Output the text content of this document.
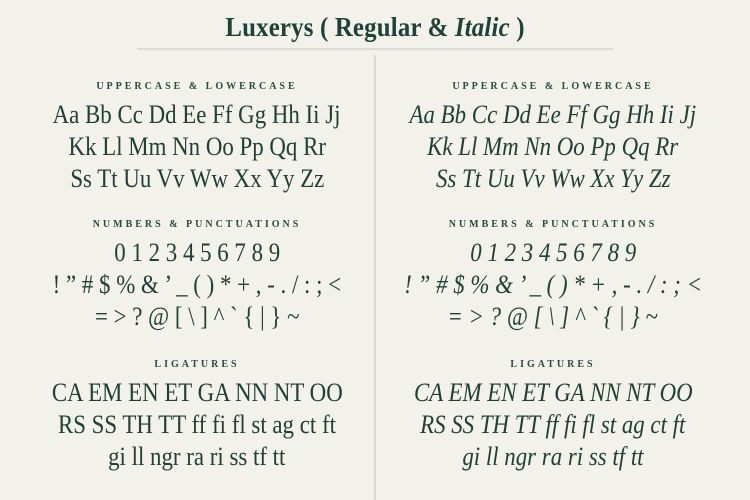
Luxerys ( Regular & Italic )
UPPERCASE & LOWERCASE
Aa Bb Cc Dd Ee Ff Gg Hh Ii Jj
Kk Ll Mm Nn Oo Pp Qq Rr
Ss Tt Uu Vv Ww Xx Yy Zz
NUMBERS & PUNCTUATIONS
0 1 2 3 4 5 6 7 8 9
! ” # $ % & ’ _ ( ) * + , - . / : ; <
= > ? @ [ \ ] ^ ` { | } ~
LIGATURES
CA EM EN ET GA NN NT OO
RS SS TH TT ff fi fl st ag ct ft
gi ll ngr ra ri ss tf tt
UPPERCASE & LOWERCASE
Aa Bb Cc Dd Ee Ff Gg Hh Ii Jj
Kk Ll Mm Nn Oo Pp Qq Rr
Ss Tt Uu Vv Ww Xx Yy Zz
NUMBERS & PUNCTUATIONS
0 1 2 3 4 5 6 7 8 9
! ” # $ % & ’ _ ( ) * + , - . / : ; <
= > ? @ [ \ ] ^ ` { | } ~
LIGATURES
CA EM EN ET GA NN NT OO
RS SS TH TT ff fi fl st ag ct ft
gi ll ngr ra ri ss tf tt
